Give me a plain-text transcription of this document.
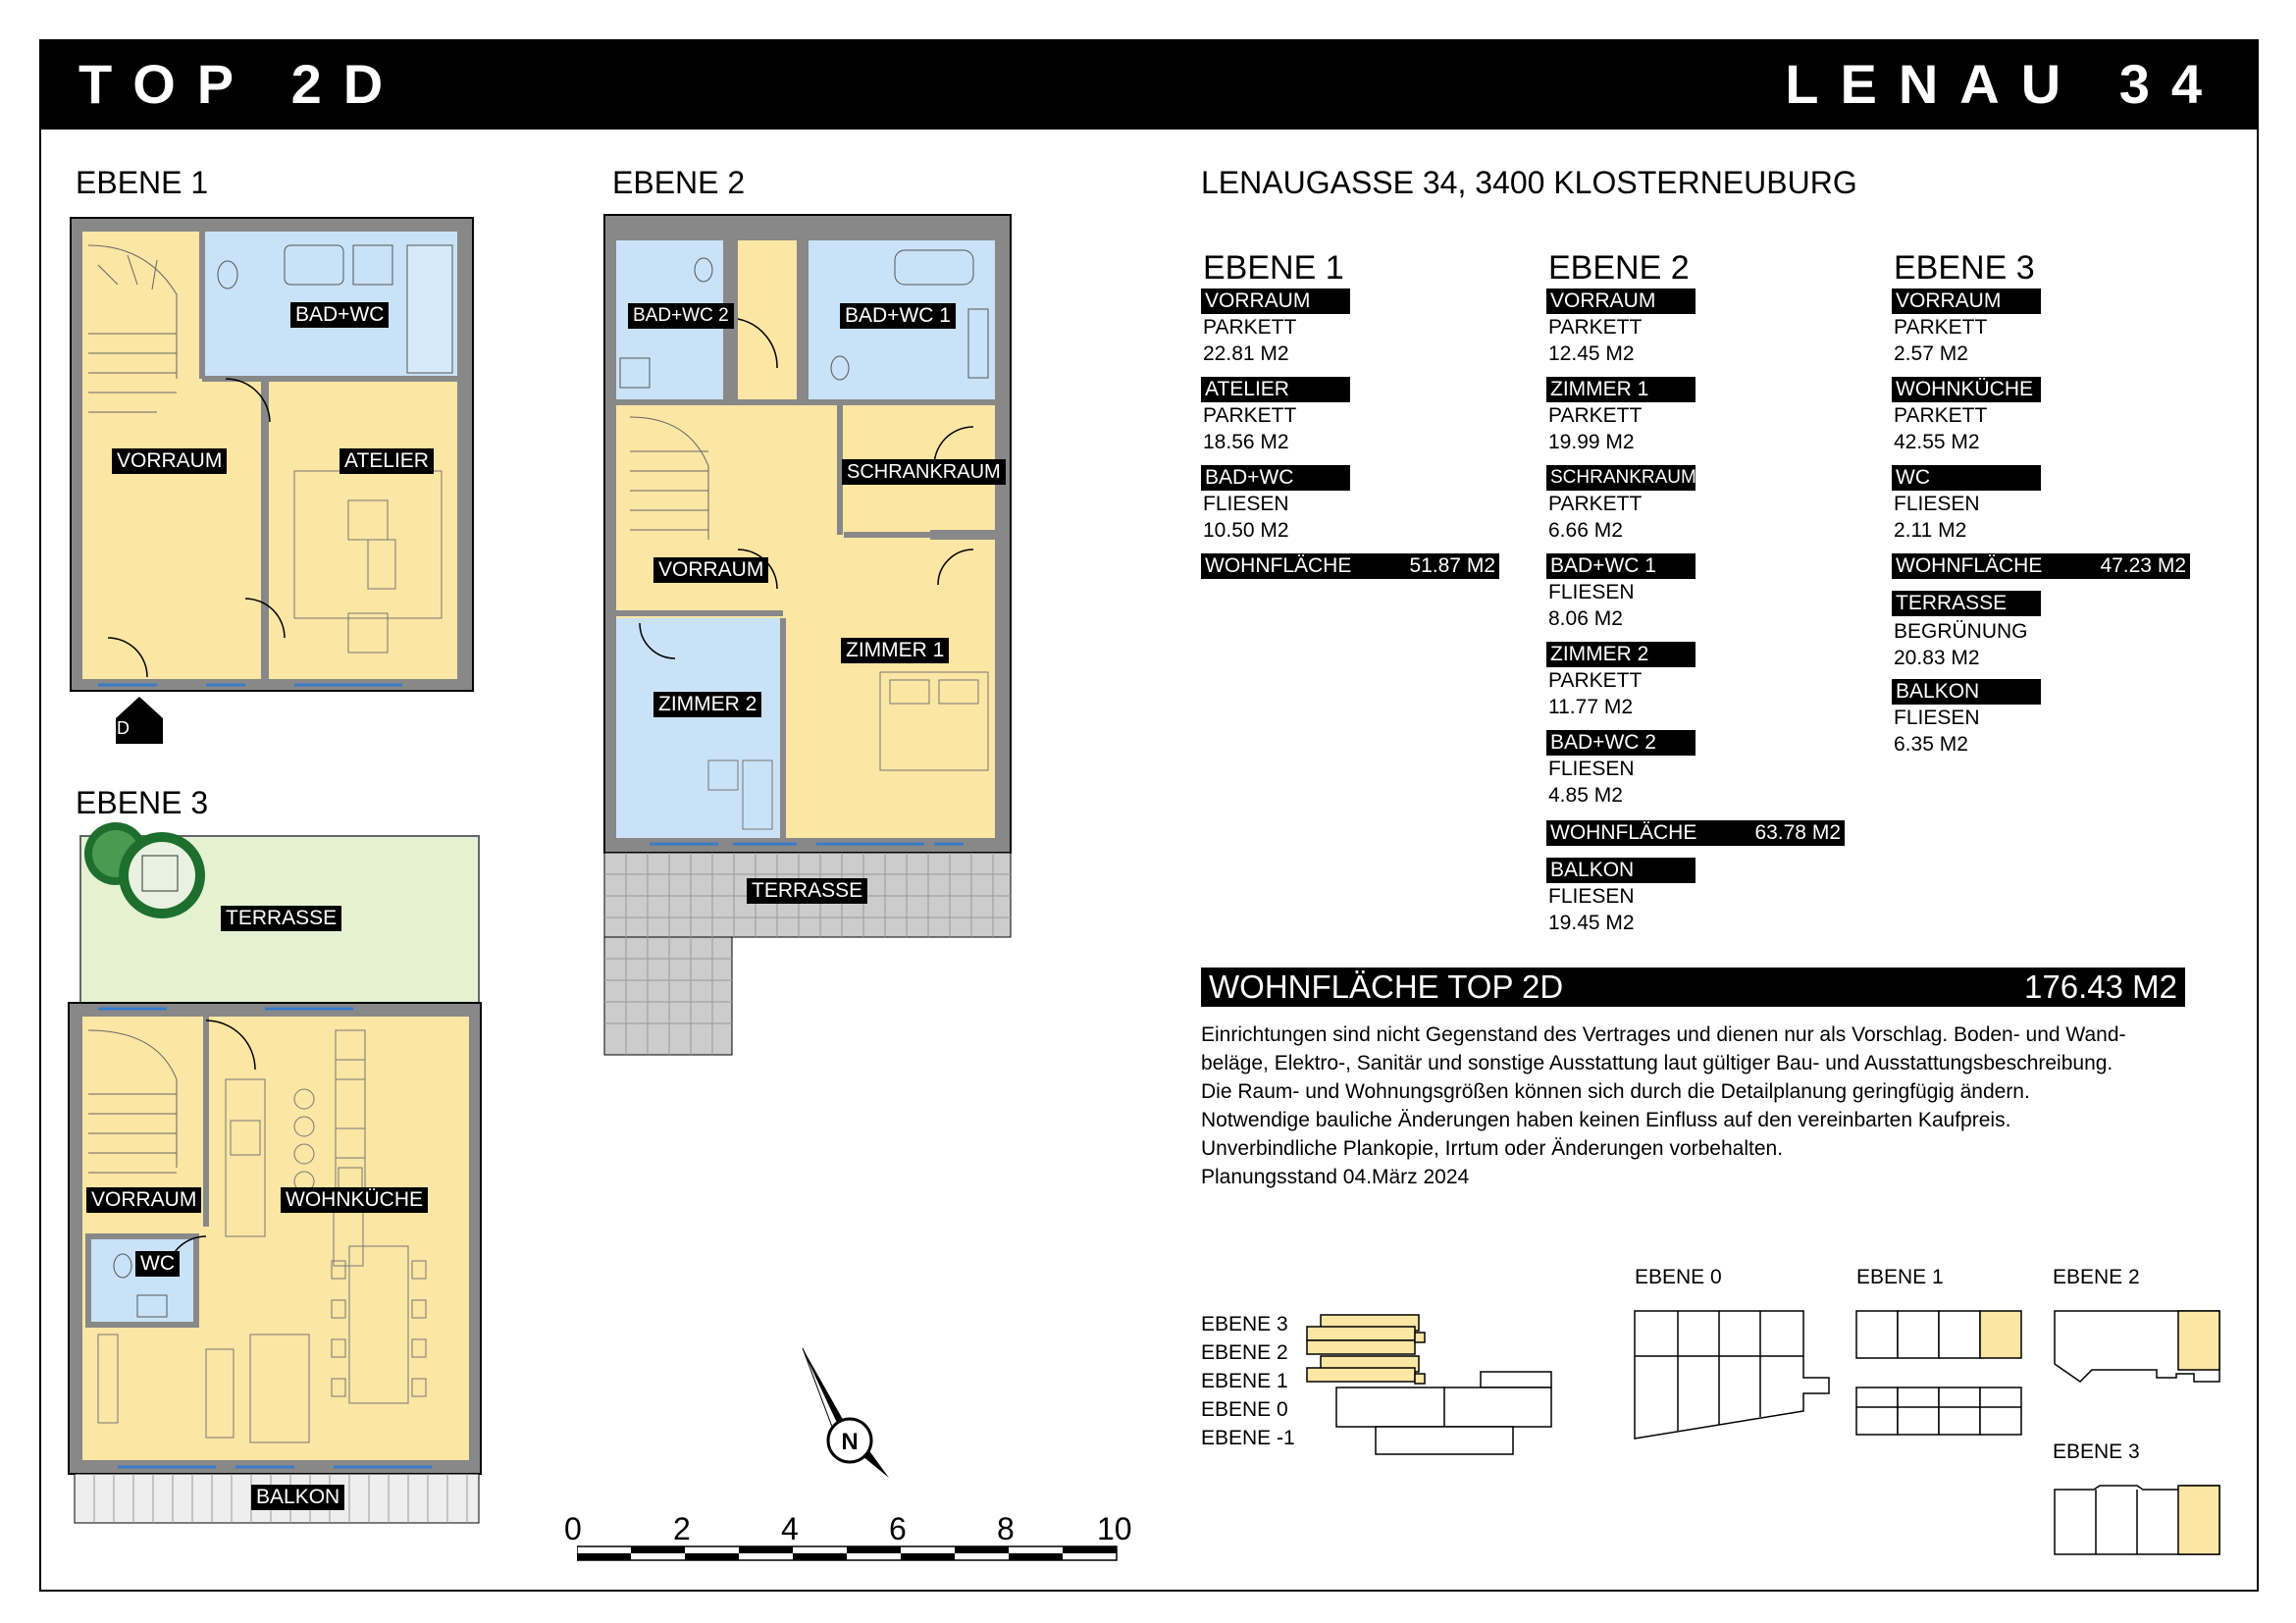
TOP 2D	LENAU 34
EBENE 1
BAD+WC
VORRAUM	ATELIER
2D
EBENE 2
BAD+WC 2	BAD+WC 1
SCHRANKRAUM
VORRAUM
ZIMMER 1
ZIMMER 2
TERRASSE
EBENE 3
TERRASSE
VORRAUM	WOHNKÜCHE
WC
BALKON
N
0	2	4	6	8	10
LENAUGASSE 34, 3400 KLOSTERNEUBURG
EBENE 1
VORRAUM
PARKETT
22.81 M2
ATELIER
PARKETT
18.56 M2
BAD+WC
FLIESEN
10.50 M2
WOHNFLÄCHE	51.87 M2
EBENE 2
VORRAUM
PARKETT
12.45 M2
ZIMMER 1
PARKETT
19.99 M2
SCHRANKRAUM
PARKETT
6.66 M2
BAD+WC 1
FLIESEN
8.06 M2
ZIMMER 2
PARKETT
11.77 M2
BAD+WC 2
FLIESEN
4.85 M2
WOHNFLÄCHE	63.78 M2
BALKON
FLIESEN
19.45 M2
EBENE 3
VORRAUM
PARKETT
2.57 M2
WOHNKÜCHE
PARKETT
42.55 M2
WC
FLIESEN
2.11 M2
WOHNFLÄCHE	47.23 M2
TERRASSE
BEGRÜNUNG
20.83 M2
BALKON
FLIESEN
6.35 M2
WOHNFLÄCHE TOP 2D	176.43 M2
Einrichtungen sind nicht Gegenstand des Vertrages und dienen nur als Vorschlag. Boden- und Wand-
beläge, Elektro-, Sanitär und sonstige Ausstattung laut gültiger Bau- und Ausstattungsbeschreibung.
Die Raum- und Wohnungsgrößen können sich durch die Detailplanung geringfügig ändern.
Notwendige bauliche Änderungen haben keinen Einfluss auf den vereinbarten Kaufpreis.
Unverbindliche Plankopie, Irrtum oder Änderungen vorbehalten.
Planungsstand 04.März 2024
EBENE 3
EBENE 2
EBENE 1
EBENE 0
EBENE -1
EBENE 0	EBENE 1	EBENE 2
EBENE 3
